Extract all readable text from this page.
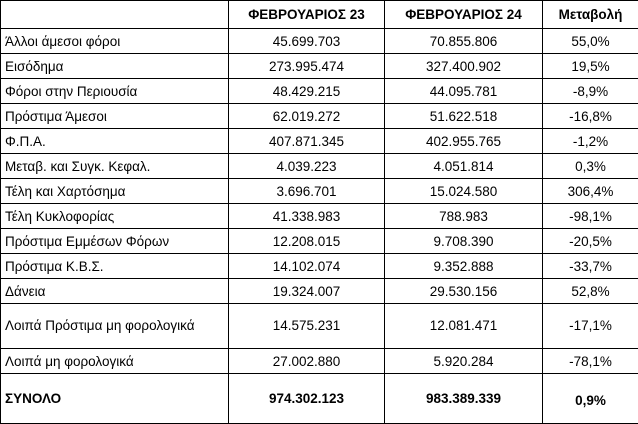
	ΦΕΒΡΟΥΑΡΙΟΣ 23	ΦΕΒΡΟΥΑΡΙΟΣ 24	Μεταβολή
Άλλοι άμεσοι φόροι	45.699.703	70.855.806	55,0%
Εισόδημα	273.995.474	327.400.902	19,5%
Φόροι στην Περιουσία	48.429.215	44.095.781	-8,9%
Πρόστιμα Άμεσοι	62.019.272	51.622.518	-16,8%
Φ.Π.Α.	407.871.345	402.955.765	-1,2%
Μεταβ. και Συγκ. Κεφαλ.	4.039.223	4.051.814	0,3%
Τέλη και Χαρτόσημα	3.696.701	15.024.580	306,4%
Τέλη Κυκλοφορίας	41.338.983	788.983	-98,1%
Πρόστιμα Εμμέσων Φόρων	12.208.015	9.708.390	-20,5%
Πρόστιμα Κ.Β.Σ.	14.102.074	9.352.888	-33,7%
Δάνεια	19.324.007	29.530.156	52,8%
Λοιπά Πρόστιμα μη φορολογικά	14.575.231	12.081.471	-17,1%
Λοιπά μη φορολογικά	27.002.880	5.920.284	-78,1%
ΣΥΝΟΛΟ	974.302.123	983.389.339	0,9%
